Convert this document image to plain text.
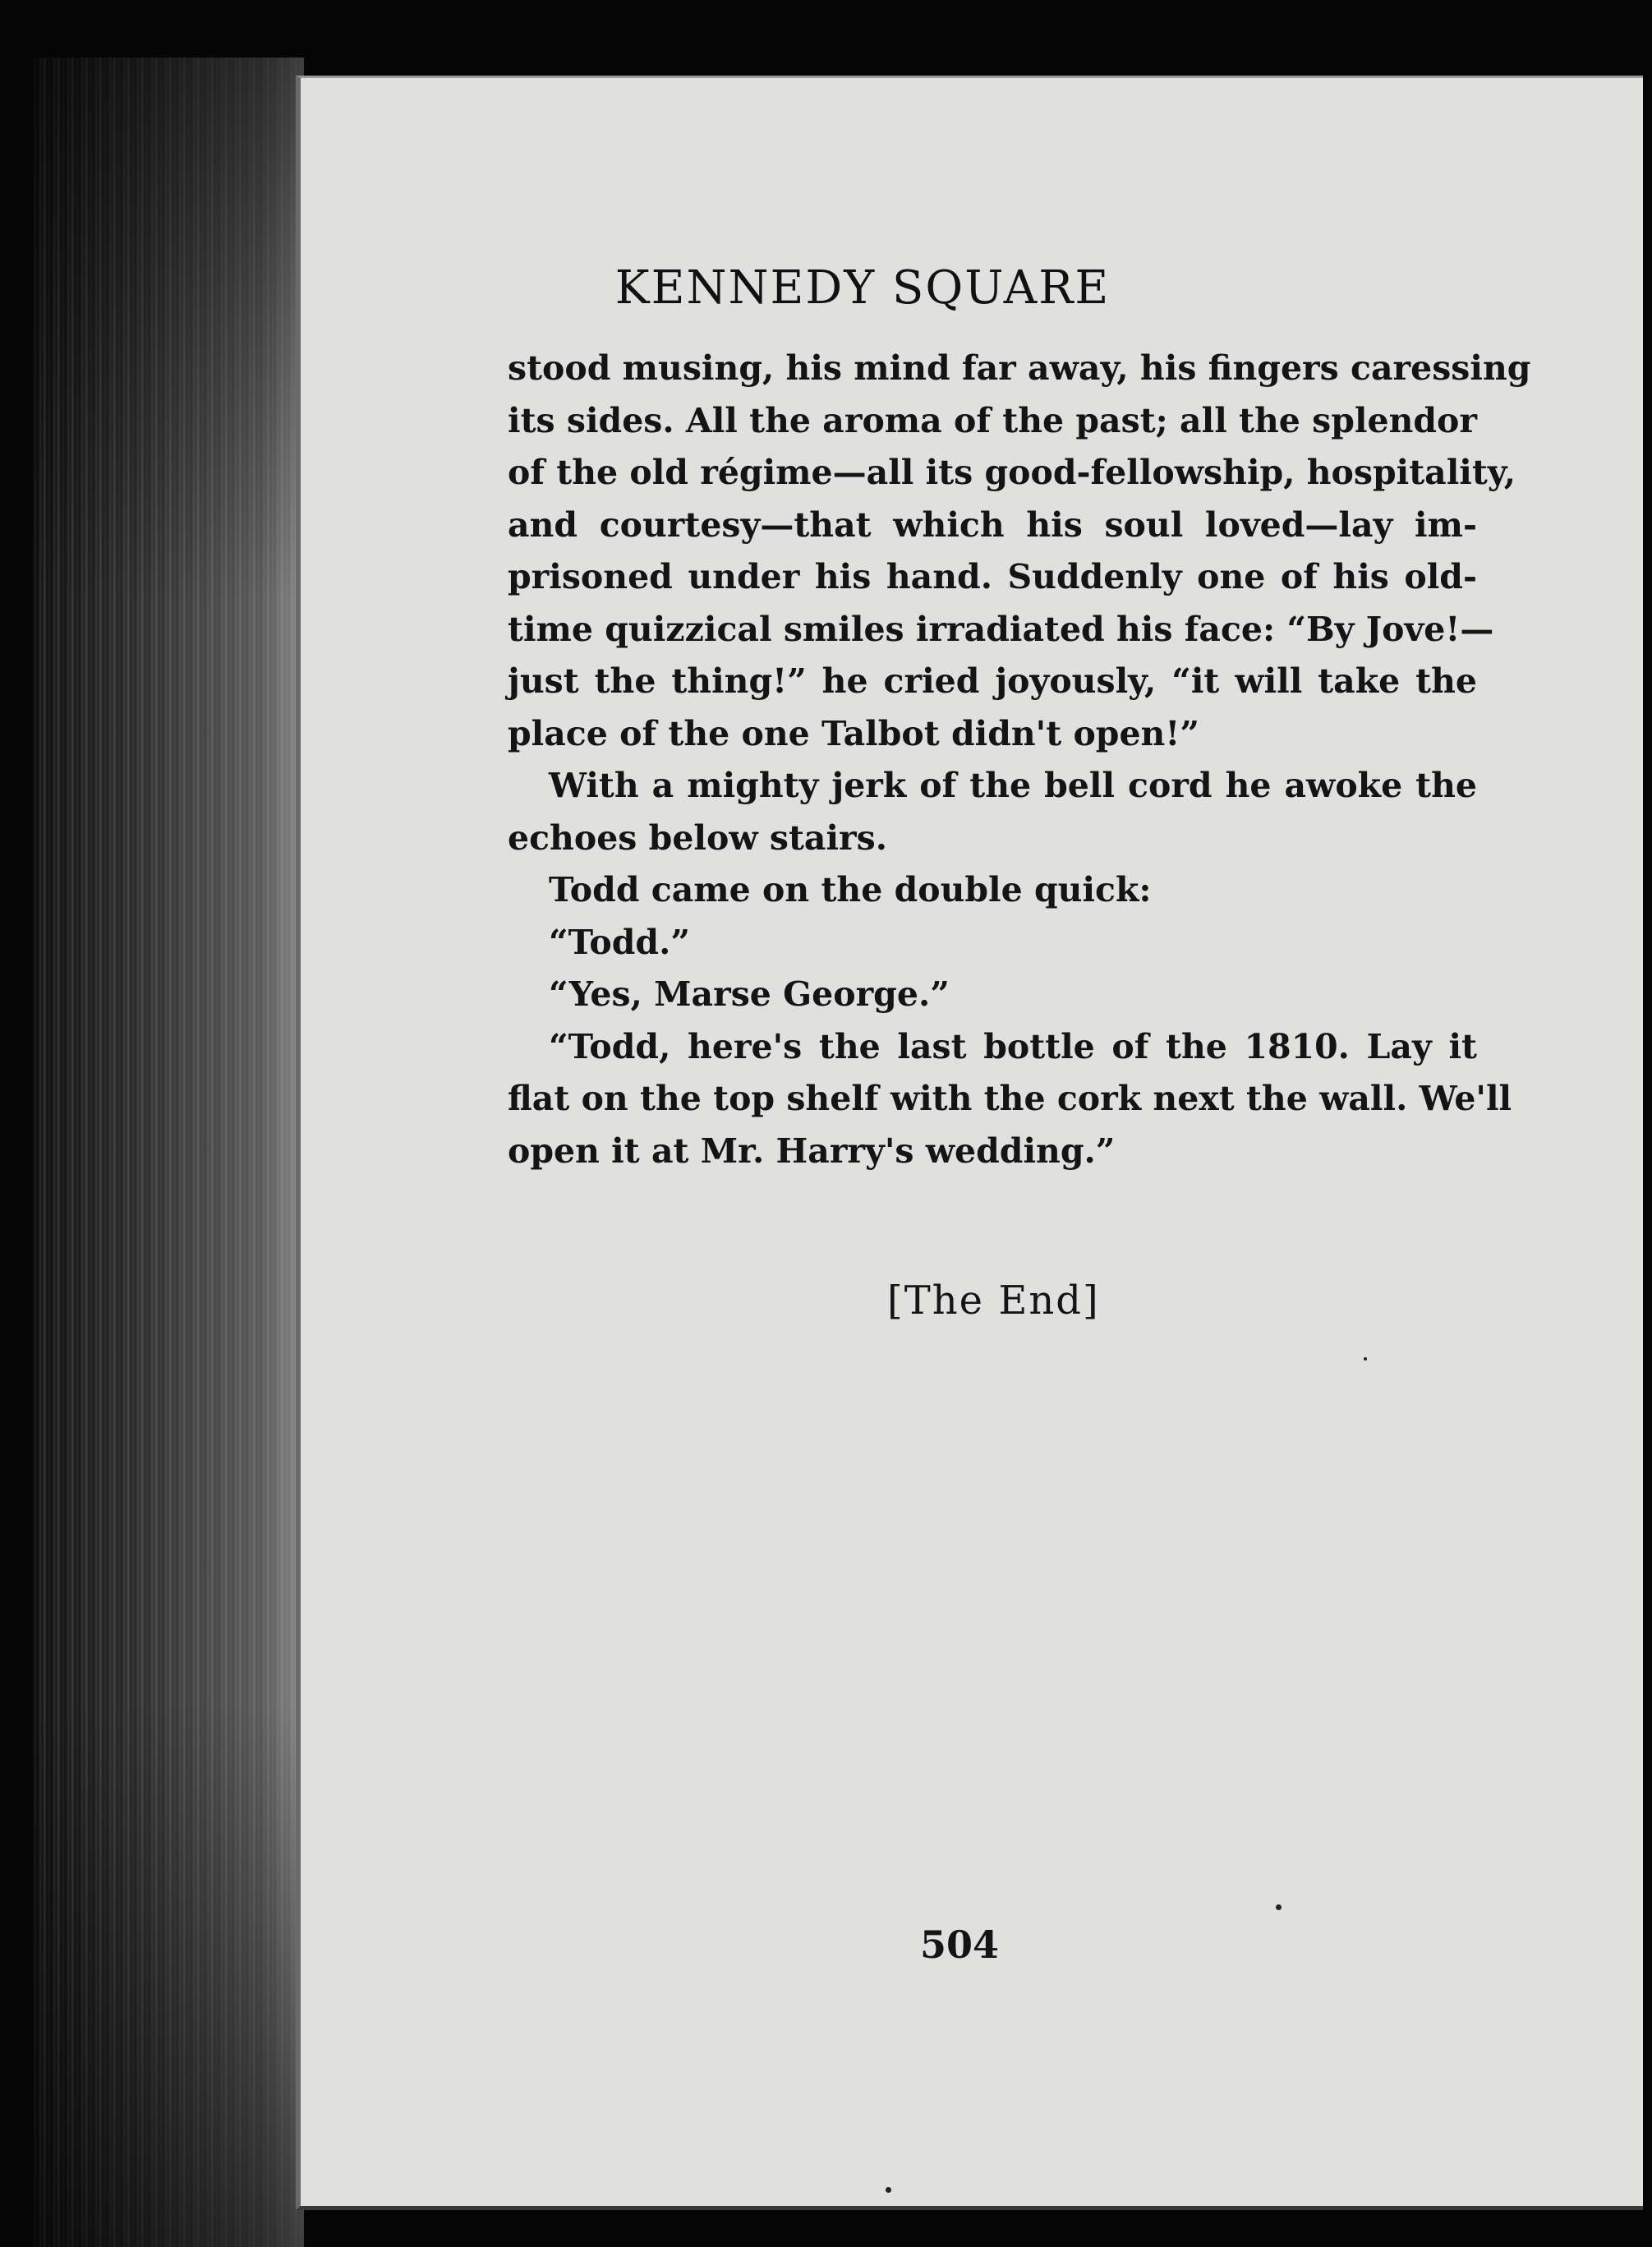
KENNEDY SQUARE
stood musing, his mind far away, his fingers caressing
its sides. All the aroma of the past; all the splendor
of the old régime—all its good-fellowship, hospitality,
and courtesy—that which his soul loved—lay im-
prisoned under his hand. Suddenly one of his old-
time quizzical smiles irradiated his face: “By Jove!—
just the thing!” he cried joyously, “it will take the
place of the one Talbot didn't open!”
With a mighty jerk of the bell cord he awoke the
echoes below stairs.
Todd came on the double quick:
“Todd.”
“Yes, Marse George.”
“Todd, here's the last bottle of the 1810. Lay it
flat on the top shelf with the cork next the wall. We'll
open it at Mr. Harry's wedding.”
[The End]
504
